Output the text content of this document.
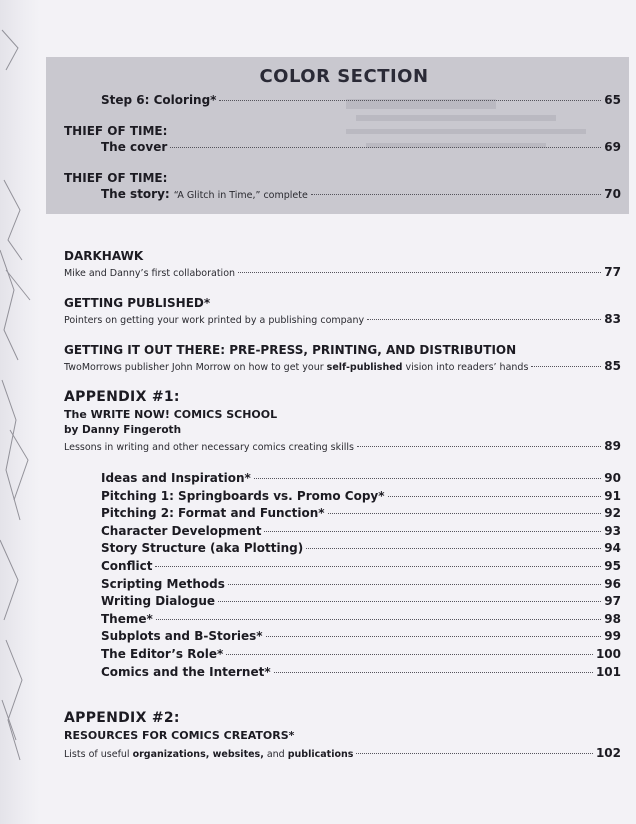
COLOR SECTION
Step 6: Coloring*	65
THIEF OF TIME:
The cover	69
THIEF OF TIME:
The story: “A Glitch in Time,” complete	70
DARKHAWK
Mike and Danny’s first collaboration	77
GETTING PUBLISHED*
Pointers on getting your work printed by a publishing company	83
GETTING IT OUT THERE: PRE-PRESS, PRINTING, AND DISTRIBUTION
TwoMorrows publisher John Morrow on how to get your self-published vision into readers’ hands	85
APPENDIX #1:
The WRITE NOW! COMICS SCHOOL
by Danny Fingeroth
Lessons in writing and other necessary comics creating skills	89
Ideas and Inspiration*	90
Pitching 1: Springboards vs. Promo Copy*	91
Pitching 2: Format and Function*	92
Character Development	93
Story Structure (aka Plotting)	94
Conflict	95
Scripting Methods	96
Writing Dialogue	97
Theme*	98
Subplots and B-Stories*	99
The Editor’s Role*	100
Comics and the Internet*	101
APPENDIX #2:
RESOURCES FOR COMICS CREATORS*
Lists of useful organizations, websites, and publications	102
